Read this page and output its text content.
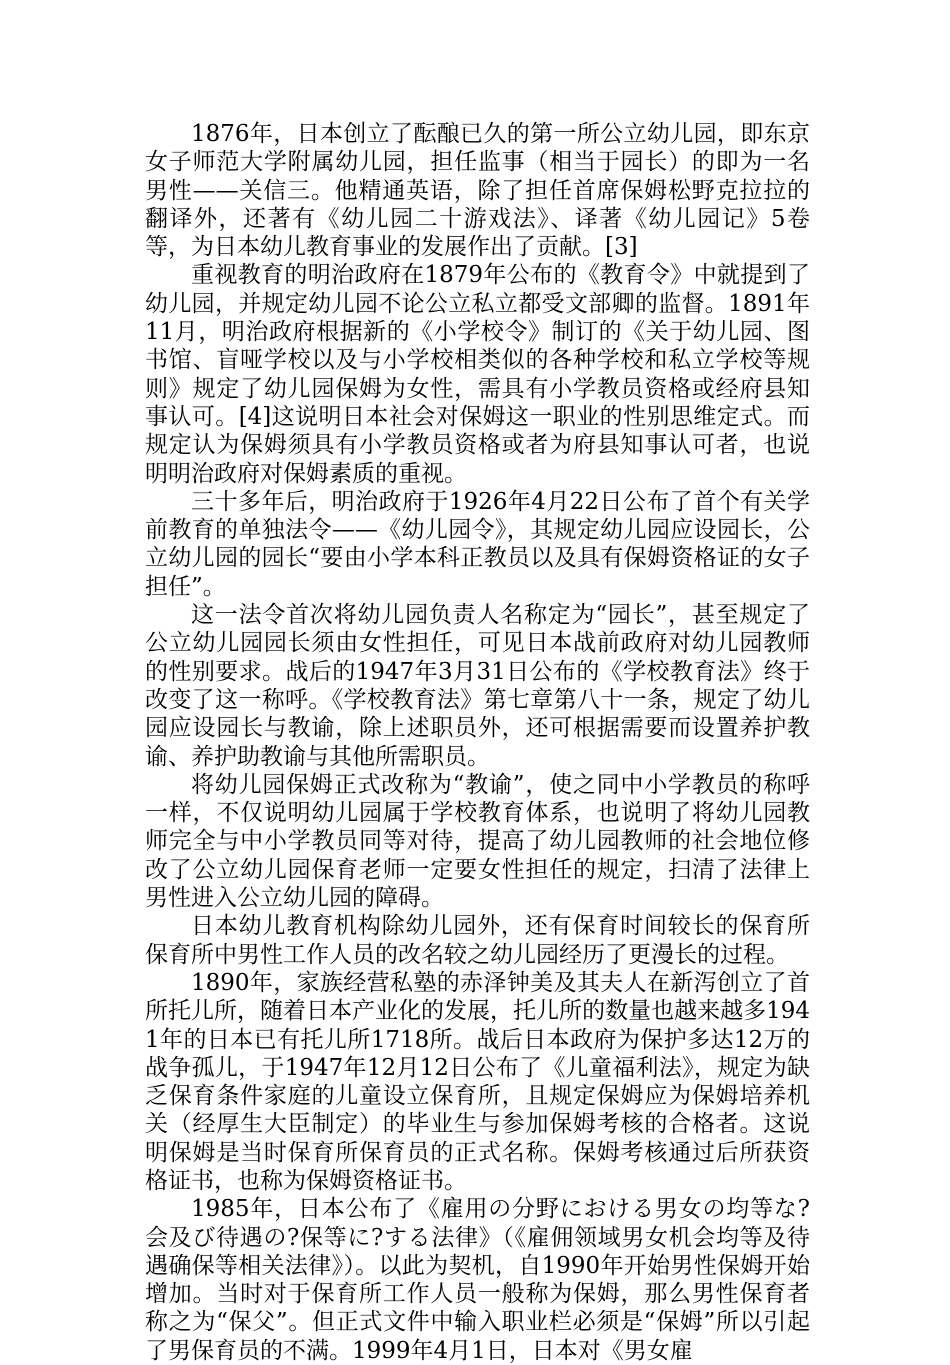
1876年，日本创立了酝酿已久的第一所公立幼儿园，即东京女子师范大学附属幼儿园，担任监事（相当于园长）的即为一名男性——关信三。他精通英语，除了担任首席保姆松野克拉拉的翻译外，还著有《幼儿园二十游戏法》、译著《幼儿园记》5卷等，为日本幼儿教育事业的发展作出了贡献。[3]

重视教育的明治政府在1879年公布的《教育令》中就提到了幼儿园，并规定幼儿园不论公立私立都受文部卿的监督。1891年11月，明治政府根据新的《小学校令》制订的《关于幼儿园、图书馆、盲哑学校以及与小学校相类似的各种学校和私立学校等规则》规定了幼儿园保姆为女性，需具有小学教员资格或经府县知事认可。[4]这说明日本社会对保姆这一职业的性别思维定式。而规定认为保姆须具有小学教员资格或者为府县知事认可者，也说明明治政府对保姆素质的重视。

三十多年后，明治政府于1926年4月22日公布了首个有关学前教育的单独法令——《幼儿园令》，其规定幼儿园应设园长，公立幼儿园的园长“要由小学本科正教员以及具有保姆资格证的女子担任”。

这一法令首次将幼儿园负责人名称定为“园长”，甚至规定了公立幼儿园园长须由女性担任，可见日本战前政府对幼儿园教师的性别要求。战后的1947年3月31日公布的《学校教育法》终于改变了这一称呼。《学校教育法》第七章第八十一条，规定了幼儿园应设园长与教谕，除上述职员外，还可根据需要而设置养护教谕、养护助教谕与其他所需职员。

将幼儿园保姆正式改称为“教谕”，使之同中小学教员的称呼一样，不仅说明幼儿园属于学校教育体系，也说明了将幼儿园教师完全与中小学教员同等对待，提高了幼儿园教师的社会地位修改了公立幼儿园保育老师一定要女性担任的规定，扫清了法律上男性进入公立幼儿园的障碍。

日本幼儿教育机构除幼儿园外，还有保育时间较长的保育所保育所中男性工作人员的改名较之幼儿园经历了更漫长的过程。

1890年，家族经营私塾的赤泽钟美及其夫人在新泻创立了首所托儿所，随着日本产业化的发展，托儿所的数量也越来越多1941年的日本已有托儿所1718所。战后日本政府为保护多达12万的战争孤儿，于1947年12月12日公布了《儿童福利法》，规定为缺乏保育条件家庭的儿童设立保育所，且规定保姆应为保姆培养机关（经厚生大臣制定）的毕业生与参加保姆考核的合格者。这说明保姆是当时保育所保育员的正式名称。保姆考核通过后所获资格证书，也称为保姆资格证书。

1985年，日本公布了《雇用の分野における男女の均等な?会及び待遇の?保等に?する法律》（《雇佣领域男女机会均等及待遇确保等相关法律》）。以此为契机，自1990年开始男性保姆开始增加。当时对于保育所工作人员一般称为保姆，那么男性保育者称之为“保父”。但正式文件中输入职业栏必须是“保姆”所以引起了男保育员的不满。1999年4月1日，日本对《男女雇
